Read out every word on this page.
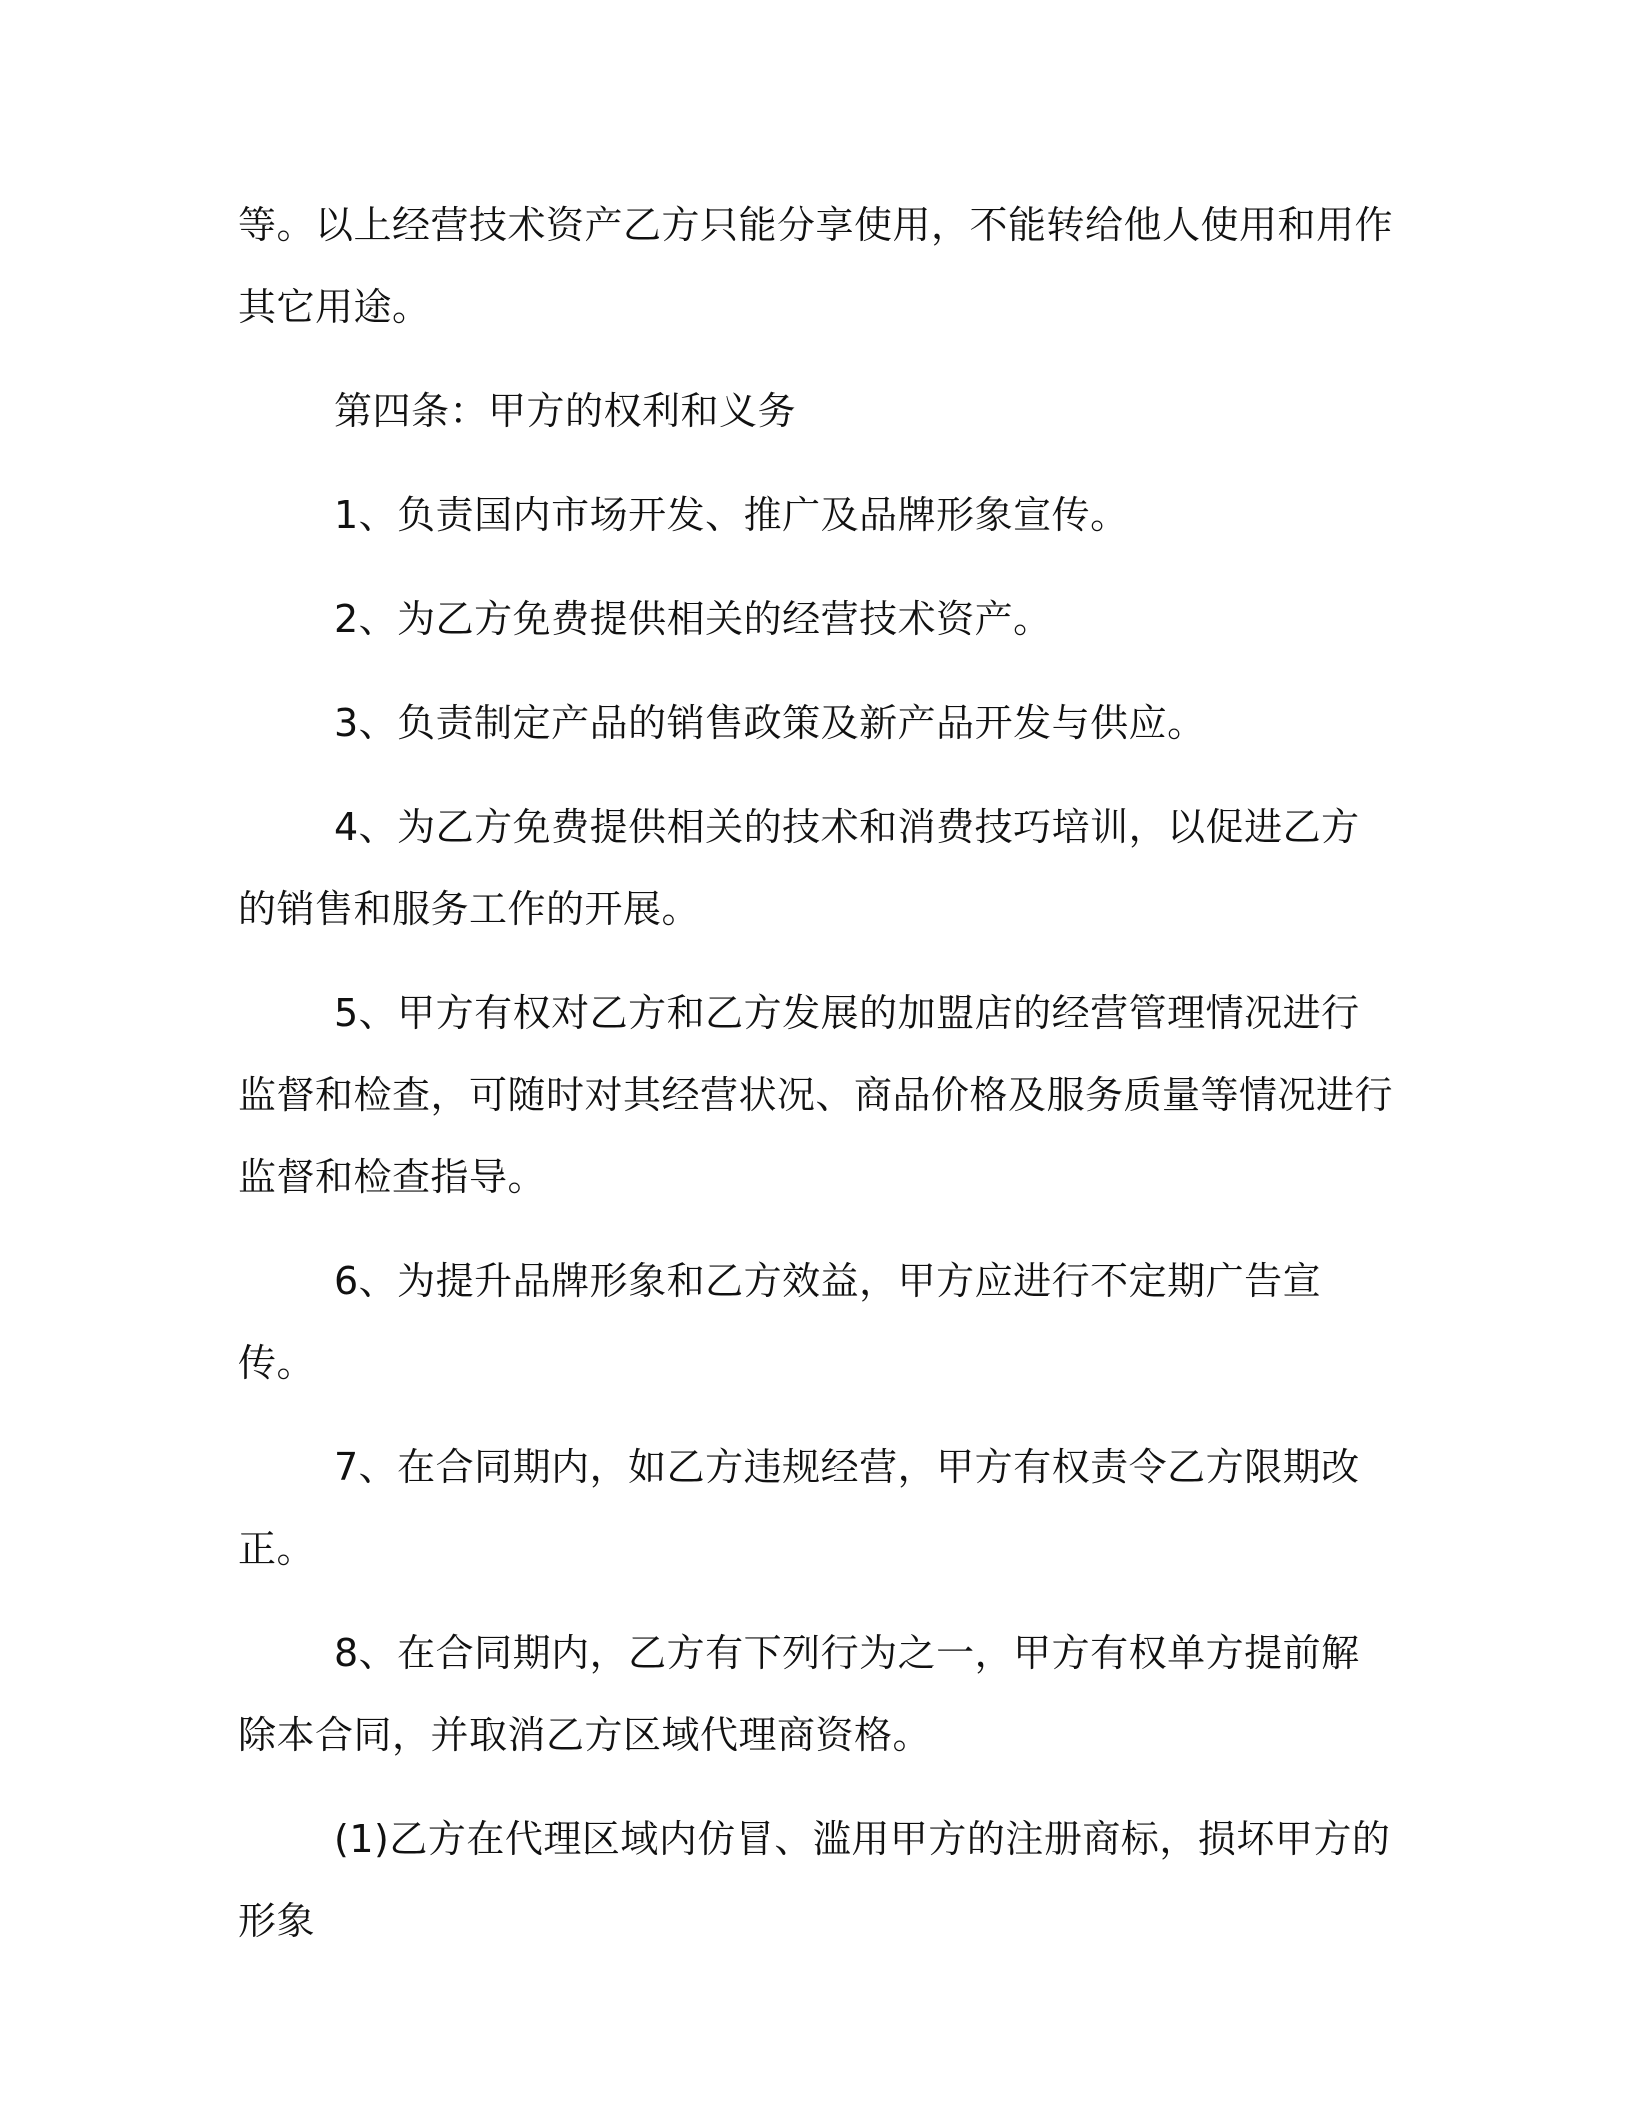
等。以上经营技术资产乙方只能分享使用，不能转给他人使用和用作其它用途。

第四条：甲方的权利和义务

1、负责国内市场开发、推广及品牌形象宣传。

2、为乙方免费提供相关的经营技术资产。

3、负责制定产品的销售政策及新产品开发与供应。

4、为乙方免费提供相关的技术和消费技巧培训，以促进乙方的销售和服务工作的开展。

5、甲方有权对乙方和乙方发展的加盟店的经营管理情况进行监督和检查，可随时对其经营状况、商品价格及服务质量等情况进行监督和检查指导。

6、为提升品牌形象和乙方效益，甲方应进行不定期广告宣传。

7、在合同期内，如乙方违规经营，甲方有权责令乙方限期改正。

8、在合同期内，乙方有下列行为之一，甲方有权单方提前解除本合同，并取消乙方区域代理商资格。

(1)乙方在代理区域内仿冒、滥用甲方的注册商标，损坏甲方的形象
